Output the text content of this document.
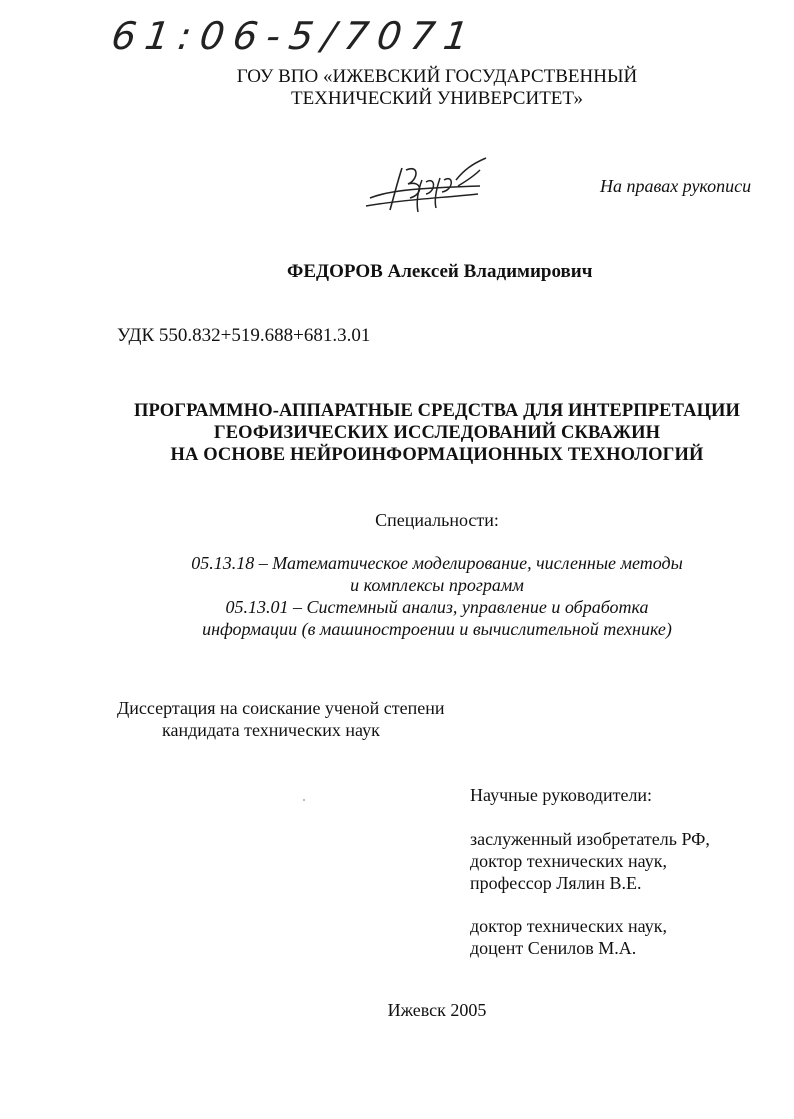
61:06-5/7071
ГОУ ВПО «ИЖЕВСКИЙ ГОСУДАРСТВЕННЫЙ
ТЕХНИЧЕСКИЙ УНИВЕРСИТЕТ»
На правах рукописи
ФЕДОРОВ Алексей Владимирович
УДК 550.832+519.688+681.3.01
ПРОГРАММНО-АППАРАТНЫЕ СРЕДСТВА ДЛЯ ИНТЕРПРЕТАЦИИ
ГЕОФИЗИЧЕСКИХ ИССЛЕДОВАНИЙ СКВАЖИН
НА ОСНОВЕ НЕЙРОИНФОРМАЦИОННЫХ ТЕХНОЛОГИЙ
Специальности:
05.13.18 – Математическое моделирование, численные методы
и комплексы программ
05.13.01 – Системный анализ, управление и обработка
информации (в машиностроении и вычислительной технике)
Диссертация на соискание ученой степени
кандидата технических наук
Научные руководители:
заслуженный изобретатель РФ,
доктор технических наук,
профессор Лялин В.Е.
доктор технических наук,
доцент Сенилов М.А.
Ижевск 2005
